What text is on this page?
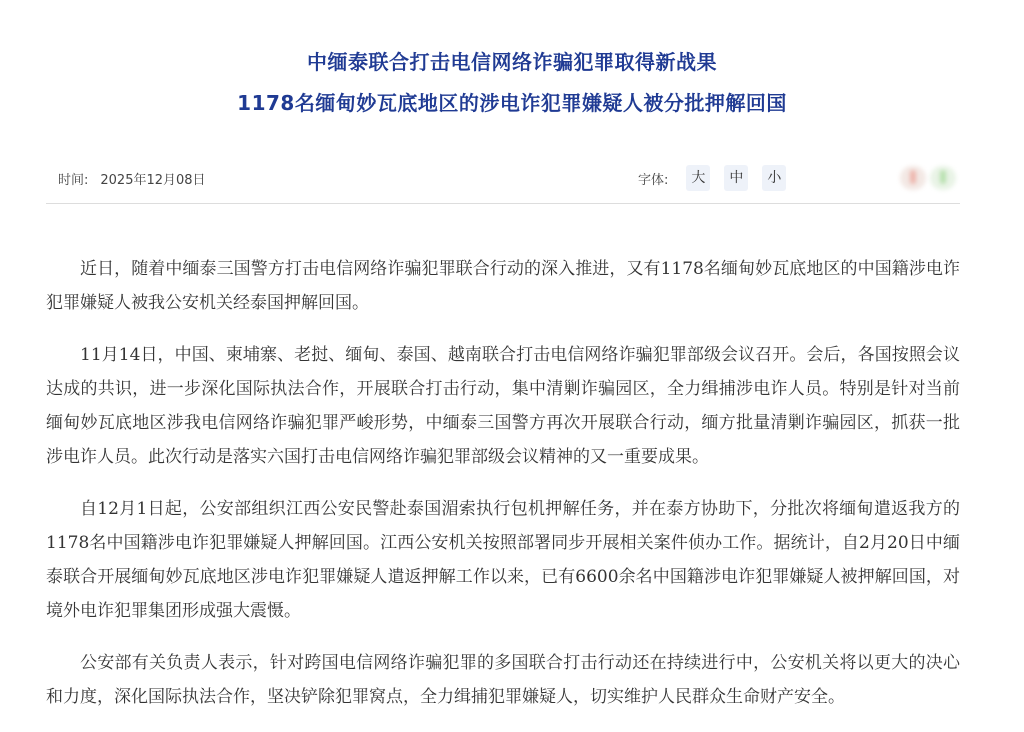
中缅泰联合打击电信网络诈骗犯罪取得新战果
1178名缅甸妙瓦底地区的涉电诈犯罪嫌疑人被分批押解回国
时间: 2025年12月08日	字体:	大	中	小

近日，随着中缅泰三国警方打击电信网络诈骗犯罪联合行动的深入推进，又有1178名缅甸妙瓦底地区的中国籍涉电诈犯罪嫌疑人被我公安机关经泰国押解回国。

11月14日，中国、柬埔寨、老挝、缅甸、泰国、越南联合打击电信网络诈骗犯罪部级会议召开。会后，各国按照会议达成的共识，进一步深化国际执法合作，开展联合打击行动，集中清剿诈骗园区，全力缉捕涉电诈人员。特别是针对当前缅甸妙瓦底地区涉我电信网络诈骗犯罪严峻形势，中缅泰三国警方再次开展联合行动，缅方批量清剿诈骗园区，抓获一批涉电诈人员。此次行动是落实六国打击电信网络诈骗犯罪部级会议精神的又一重要成果。

自12月1日起，公安部组织江西公安民警赴泰国湄索执行包机押解任务，并在泰方协助下，分批次将缅甸遣返我方的1178名中国籍涉电诈犯罪嫌疑人押解回国。江西公安机关按照部署同步开展相关案件侦办工作。据统计，自2月20日中缅泰联合开展缅甸妙瓦底地区涉电诈犯罪嫌疑人遣返押解工作以来，已有6600余名中国籍涉电诈犯罪嫌疑人被押解回国，对境外电诈犯罪集团形成强大震慑。

公安部有关负责人表示，针对跨国电信网络诈骗犯罪的多国联合打击行动还在持续进行中，公安机关将以更大的决心和力度，深化国际执法合作，坚决铲除犯罪窝点，全力缉捕犯罪嫌疑人，切实维护人民群众生命财产安全。
